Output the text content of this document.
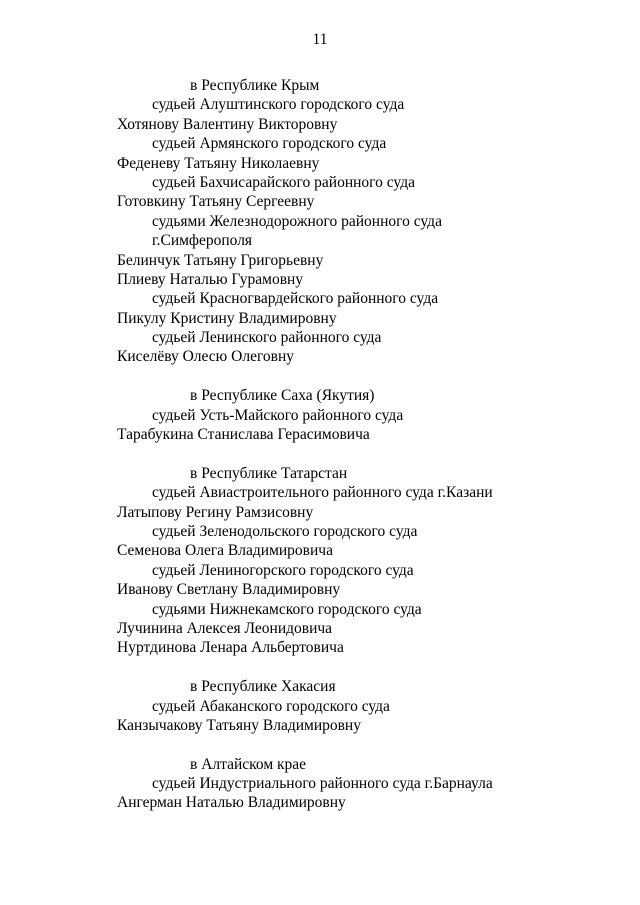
11
в Республике Крым
судьей Алуштинского городского суда
Хотянову Валентину Викторовну
судьей Армянского городского суда
Феденеву Татьяну Николаевну
судьей Бахчисарайского районного суда
Готовкину Татьяну Сергеевну
судьями Железнодорожного районного суда
г.Симферополя
Белинчук Татьяну Григорьевну
Плиеву Наталью Гурамовну
судьей Красногвардейского районного суда
Пикулу Кристину Владимировну
судьей Ленинского районного суда
Киселёву Олесю Олеговну
в Республике Саха (Якутия)
судьей Усть-Майского районного суда
Тарабукина Станислава Герасимовича
в Республике Татарстан
судьей Авиастроительного районного суда г.Казани
Латыпову Регину Рамзисовну
судьей Зеленодольского городского суда
Семенова Олега Владимировича
судьей Лениногорского городского суда
Иванову Светлану Владимировну
судьями Нижнекамского городского суда
Лучинина Алексея Леонидовича
Нуртдинова Ленара Альбертовича
в Республике Хакасия
судьей Абаканского городского суда
Канзычакову Татьяну Владимировну
в Алтайском крае
судьей Индустриального районного суда г.Барнаула
Ангерман Наталью Владимировну
